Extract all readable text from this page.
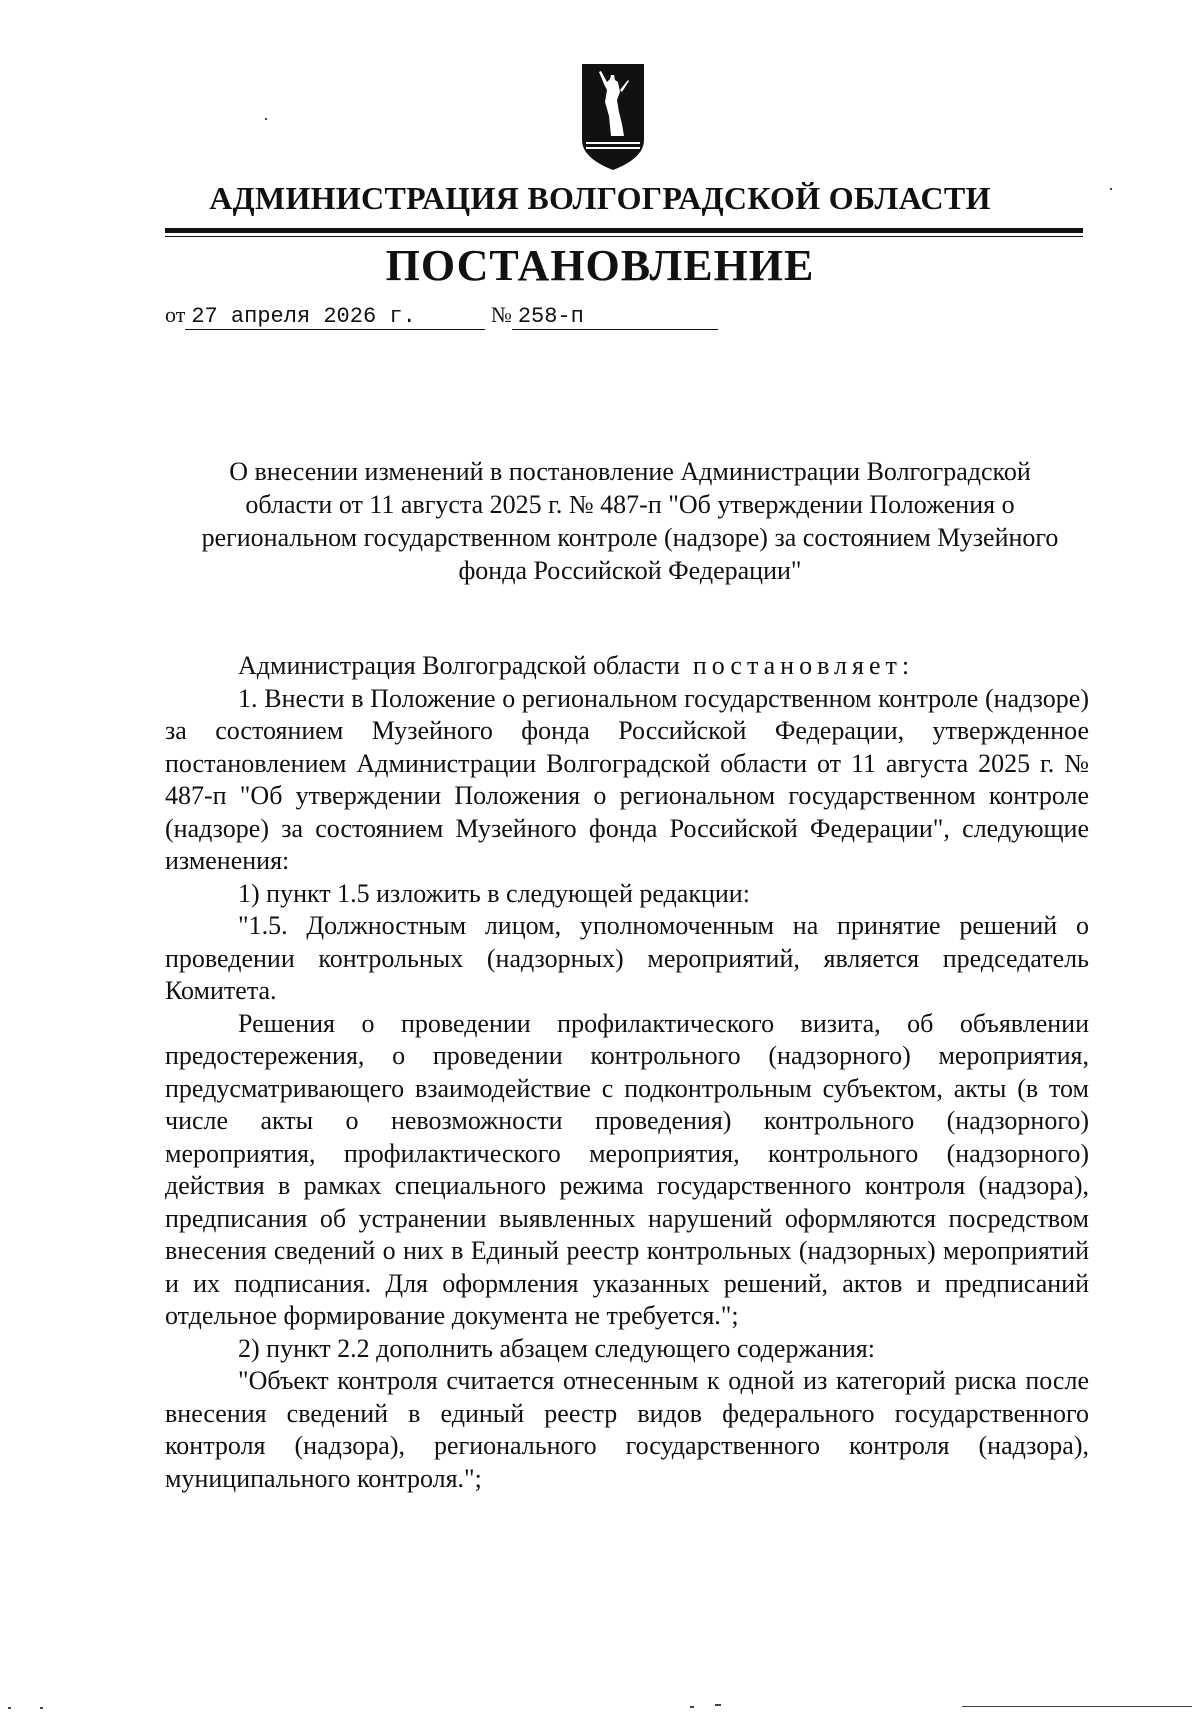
АДМИНИСТРАЦИЯ ВОЛГОГРАДСКОЙ ОБЛАСТИ
ПОСТАНОВЛЕНИЕ
от 27 апреля 2026 г.	№ 258-п
О внесении изменений в постановление Администрации Волгоградской области от 11 августа 2025 г. № 487-п "Об утверждении Положения о региональном государственном контроле (надзоре) за состоянием Музейного фонда Российской Федерации"

Администрация Волгоградской области постановляет:

1. Внести в Положение о региональном государственном контроле (надзоре) за состоянием Музейного фонда Российской Федерации, утвержденное постановлением Администрации Волгоградской области от 11 августа 2025 г. № 487-п "Об утверждении Положения о региональном государственном контроле (надзоре) за состоянием Музейного фонда Российской Федерации", следующие изменения:

1) пункт 1.5 изложить в следующей редакции:

"1.5. Должностным лицом, уполномоченным на принятие решений о проведении контрольных (надзорных) мероприятий, является председатель Комитета.

Решения о проведении профилактического визита, об объявлении предостережения, о проведении контрольного (надзорного) мероприятия, предусматривающего взаимодействие с подконтрольным субъектом, акты (в том числе акты о невозможности проведения) контрольного (надзорного) мероприятия, профилактического мероприятия, контрольного (надзорного) действия в рамках специального режима государственного контроля (надзора), предписания об устранении выявленных нарушений оформляются посредством внесения сведений о них в Единый реестр контрольных (надзорных) мероприятий и их подписания. Для оформления указанных решений, актов и предписаний отдельное формирование документа не требуется.";

2) пункт 2.2 дополнить абзацем следующего содержания:

"Объект контроля считается отнесенным к одной из категорий риска после внесения сведений в единый реестр видов федерального государственного контроля (надзора), регионального государственного контроля (надзора), муниципального контроля.";
